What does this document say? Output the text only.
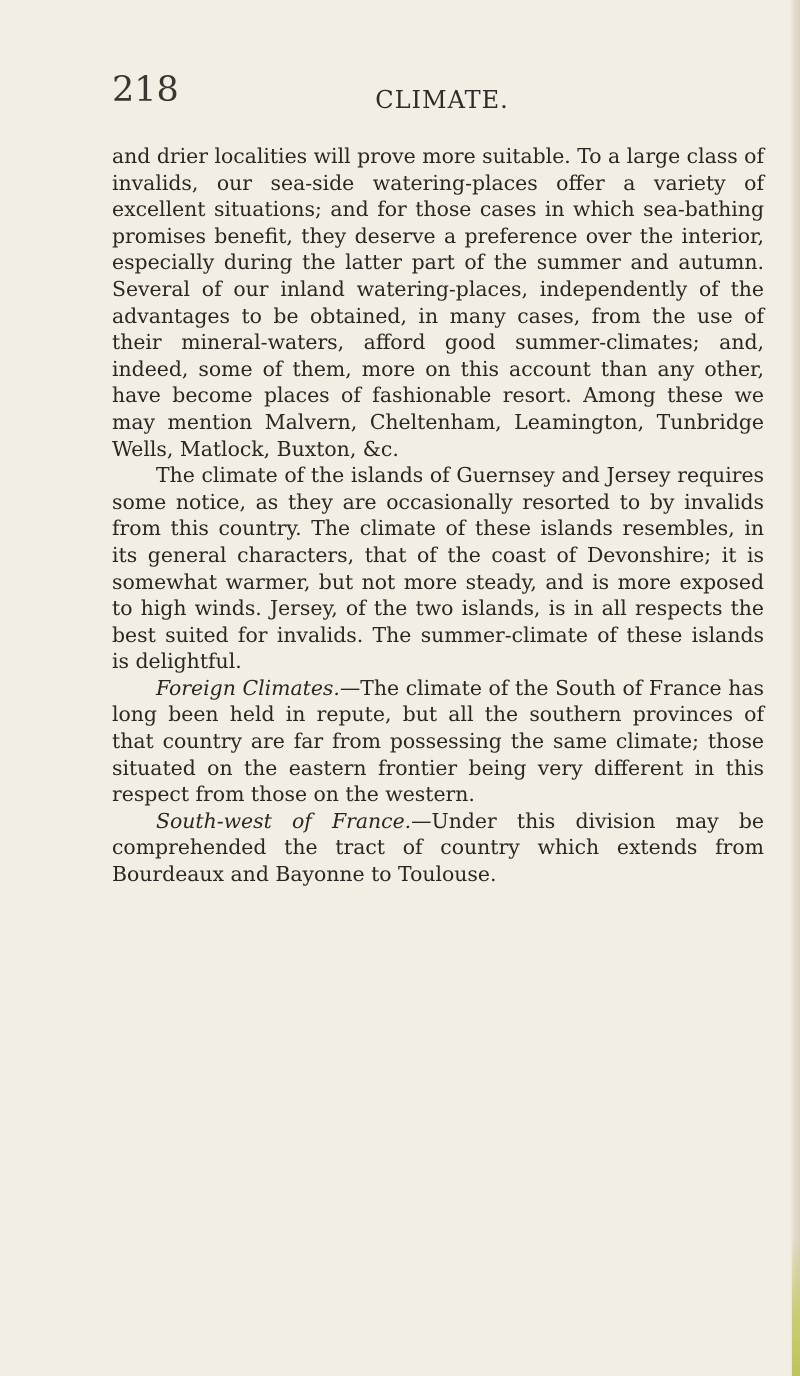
218	CLIMATE.

and drier localities will prove more suitable. To a large class of invalids, our sea-side watering-places offer a variety of excellent situations; and for those cases in which sea-bathing promises benefit, they deserve a preference over the interior, especially during the latter part of the summer and autumn. Several of our inland watering-places, independently of the advantages to be obtained, in many cases, from the use of their mineral-waters, afford good summer-climates; and, indeed, some of them, more on this account than any other, have become places of fashionable resort. Among these we may mention Malvern, Cheltenham, Leamington, Tunbridge Wells, Matlock, Buxton, &c.

The climate of the islands of Guernsey and Jersey requires some notice, as they are occasionally resorted to by invalids from this country. The climate of these islands resembles, in its general characters, that of the coast of Devonshire; it is somewhat warmer, but not more steady, and is more exposed to high winds. Jersey, of the two islands, is in all respects the best suited for invalids. The summer-climate of these islands is delightful.

Foreign Climates.—The climate of the South of France has long been held in repute, but all the southern provinces of that country are far from possessing the same climate; those situated on the eastern frontier being very different in this respect from those on the western.

South-west of France.—Under this division may be comprehended the tract of country which extends from Bourdeaux and Bayonne to Toulouse.
